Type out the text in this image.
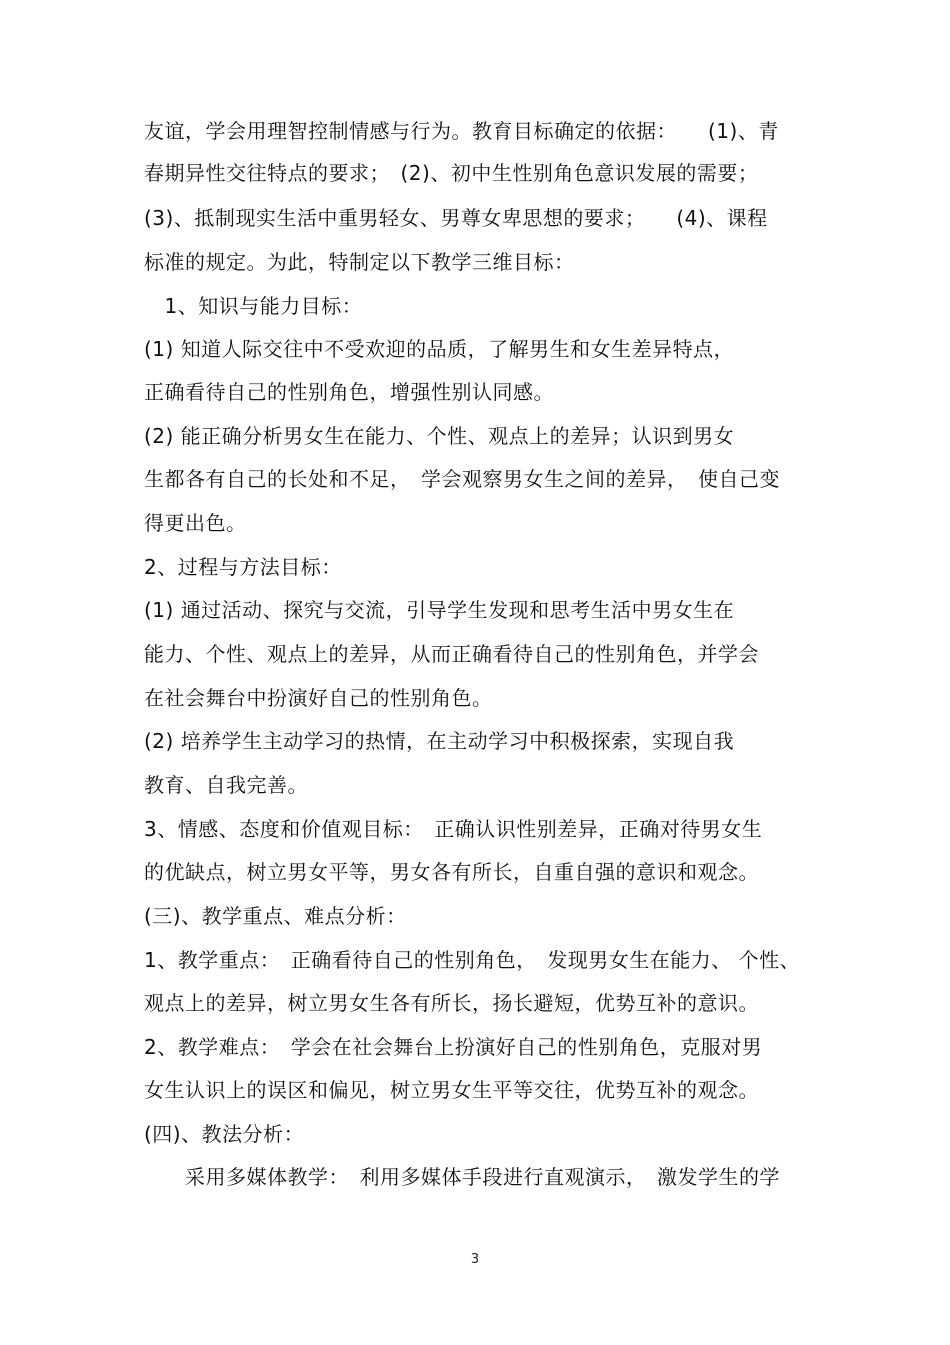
友谊，学会用理智控制情感与行为。教育目标确定的依据：　　(1)、青
春期异性交往特点的要求；　(2)、初中生性别角色意识发展的需要；
(3)、抵制现实生活中重男轻女、男尊女卑思想的要求；　　(4)、课程
标准的规定。为此，特制定以下教学三维目标：
　1、知识与能力目标：
(1) 知道人际交往中不受欢迎的品质，了解男生和女生差异特点，
正确看待自己的性别角色，增强性别认同感。
(2) 能正确分析男女生在能力、个性、观点上的差异；认识到男女
生都各有自己的长处和不足，　学会观察男女生之间的差异，　使自己变
得更出色。
2、过程与方法目标：
(1) 通过活动、探究与交流，引导学生发现和思考生活中男女生在
能力、个性、观点上的差异，从而正确看待自己的性别角色，并学会
在社会舞台中扮演好自己的性别角色。
(2) 培养学生主动学习的热情，在主动学习中积极探索，实现自我
教育、自我完善。
3、情感、态度和价值观目标：　正确认识性别差异，正确对待男女生
的优缺点，树立男女平等，男女各有所长，自重自强的意识和观念。
(三)、教学重点、难点分析：
1、教学重点：　正确看待自己的性别角色，　发现男女生在能力、 个性、
观点上的差异，树立男女生各有所长，扬长避短，优势互补的意识。
2、教学难点：　学会在社会舞台上扮演好自己的性别角色，克服对男
女生认识上的误区和偏见，树立男女生平等交往，优势互补的观念。
(四)、教法分析：
　　采用多媒体教学：　利用多媒体手段进行直观演示，　激发学生的学
3
